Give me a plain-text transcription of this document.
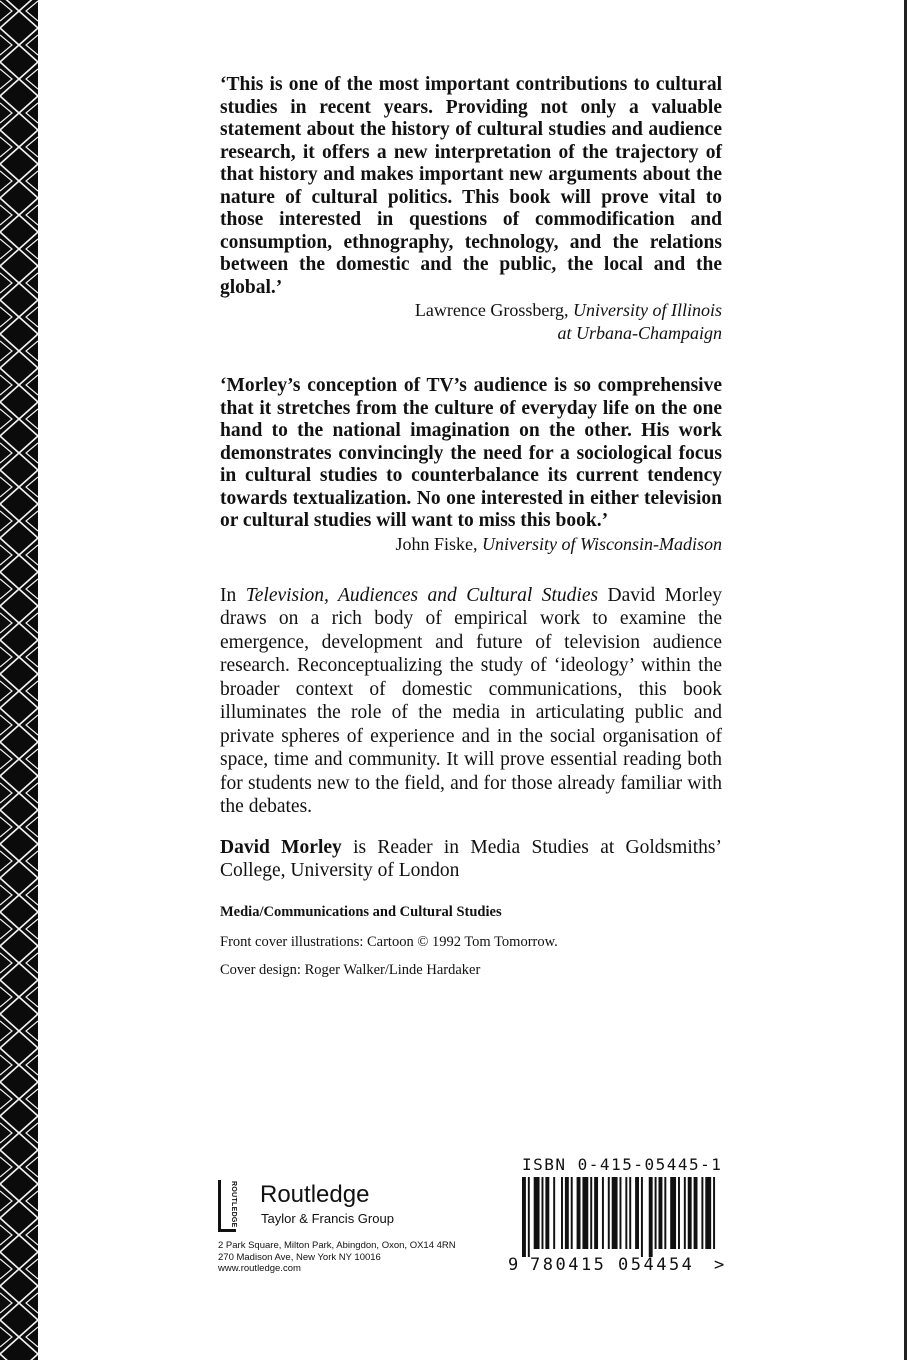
‘This is one of the most important contributions to cultural studies in recent years. Providing not only a valuable statement about the history of cultural studies and audience research, it offers a new interpretation of the trajectory of that history and makes important new arguments about the nature of cultural politics. This book will prove vital to those interested in questions of commodification and consumption, ethnography, technology, and the relations between the domestic and the public, the local and the global.’

Lawrence Grossberg, University of Illinois
at Urbana-Champaign

‘Morley’s conception of TV’s audience is so comprehensive that it stretches from the culture of everyday life on the one hand to the national imagination on the other. His work demonstrates convincingly the need for a sociological focus in cultural studies to counterbalance its current tendency towards textualization. No one interested in either television or cultural studies will want to miss this book.’

John Fiske, University of Wisconsin-Madison

In Television, Audiences and Cultural Studies David Morley draws on a rich body of empirical work to examine the emergence, development and future of television audience research. Reconceptualizing the study of ‘ideology’ within the broader context of domestic communications, this book illuminates the role of the media in articulating public and private spheres of experience and in the social organisation of space, time and community. It will prove essential reading both for students new to the field, and for those already familiar with the debates.

David Morley is Reader in Media Studies at Goldsmiths’ College, University of London

Media/Communications and Cultural Studies

Front cover illustrations: Cartoon © 1992 Tom Tomorrow.

Cover design: Roger Walker/Linde Hardaker

ROUTLEDGE Routledge
Taylor & Francis Group
2 Park Square, Milton Park, Abingdon, Oxon, OX14 4RN
270 Madison Ave, New York NY 10016
www.routledge.com
ISBN 0-415-05445-1
9 780415 054454 >
